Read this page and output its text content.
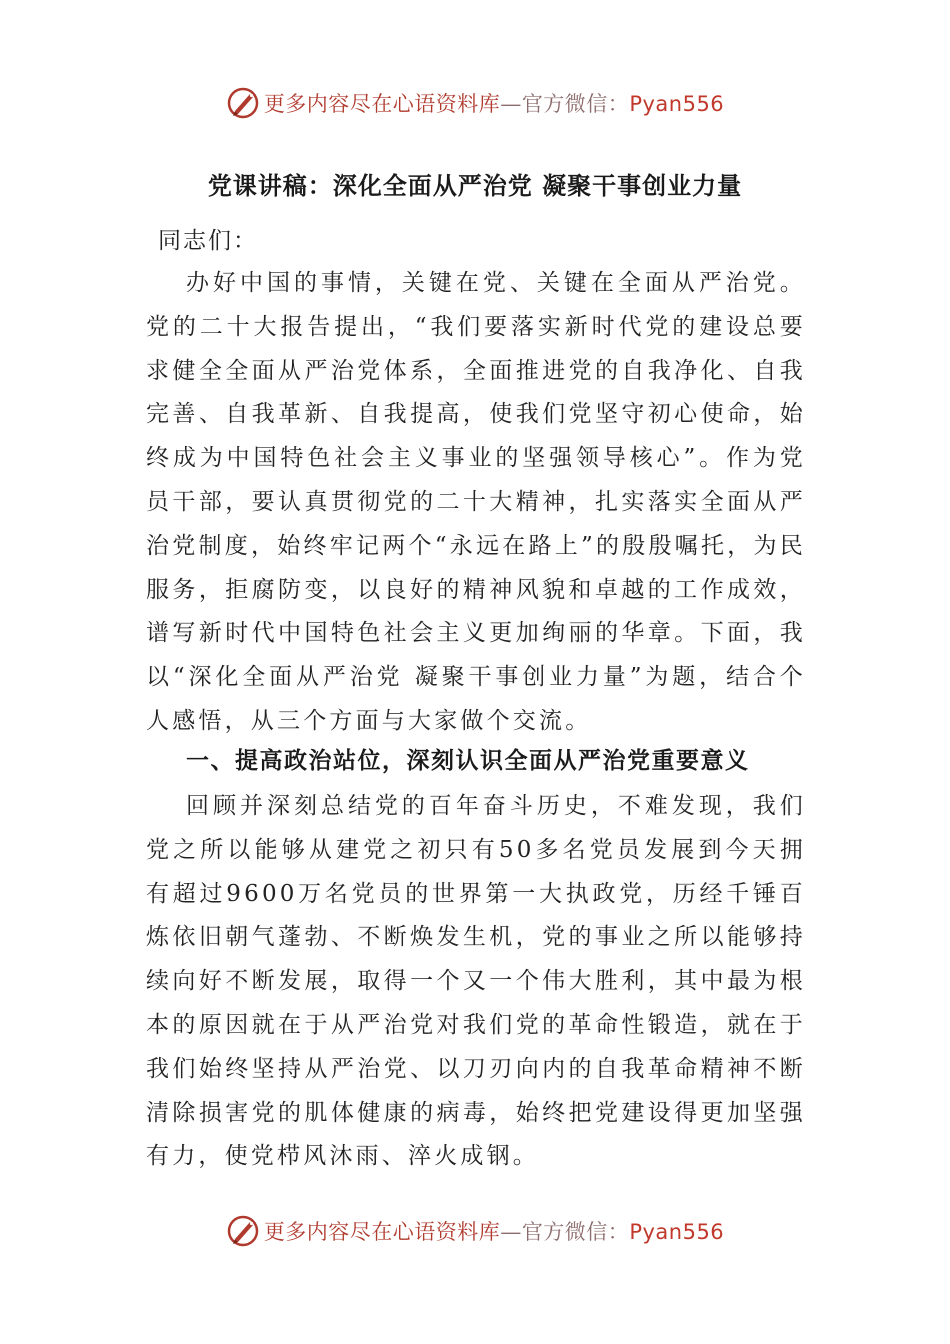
更多内容尽在心语资料库—官方微信：Pyan556
党课讲稿：深化全面从严治党 凝聚干事创业力量

同志们：

办好中国的事情，关键在党、关键在全面从严治党。党的二十大报告提出，“我们要落实新时代党的建设总要求健全全面从严治党体系，全面推进党的自我净化、自我完善、自我革新、自我提高，使我们党坚守初心使命，始终成为中国特色社会主义事业的坚强领导核心”。作为党员干部，要认真贯彻党的二十大精神，扎实落实全面从严治党制度，始终牢记两个“永远在路上”的殷殷嘱托，为民服务，拒腐防变，以良好的精神风貌和卓越的工作成效，谱写新时代中国特色社会主义更加绚丽的华章。下面，我以“深化全面从严治党 凝聚干事创业力量”为题，结合个人感悟，从三个方面与大家做个交流。

一、提高政治站位，深刻认识全面从严治党重要意义

回顾并深刻总结党的百年奋斗历史，不难发现，我们党之所以能够从建党之初只有50多名党员发展到今天拥有超过9600万名党员的世界第一大执政党，历经千锤百炼依旧朝气蓬勃、不断焕发生机，党的事业之所以能够持续向好不断发展，取得一个又一个伟大胜利，其中最为根本的原因就在于从严治党对我们党的革命性锻造，就在于我们始终坚持从严治党、以刀刃向内的自我革命精神不断清除损害党的肌体健康的病毒，始终把党建设得更加坚强有力，使党栉风沐雨、淬火成钢。

更多内容尽在心语资料库—官方微信：Pyan556
